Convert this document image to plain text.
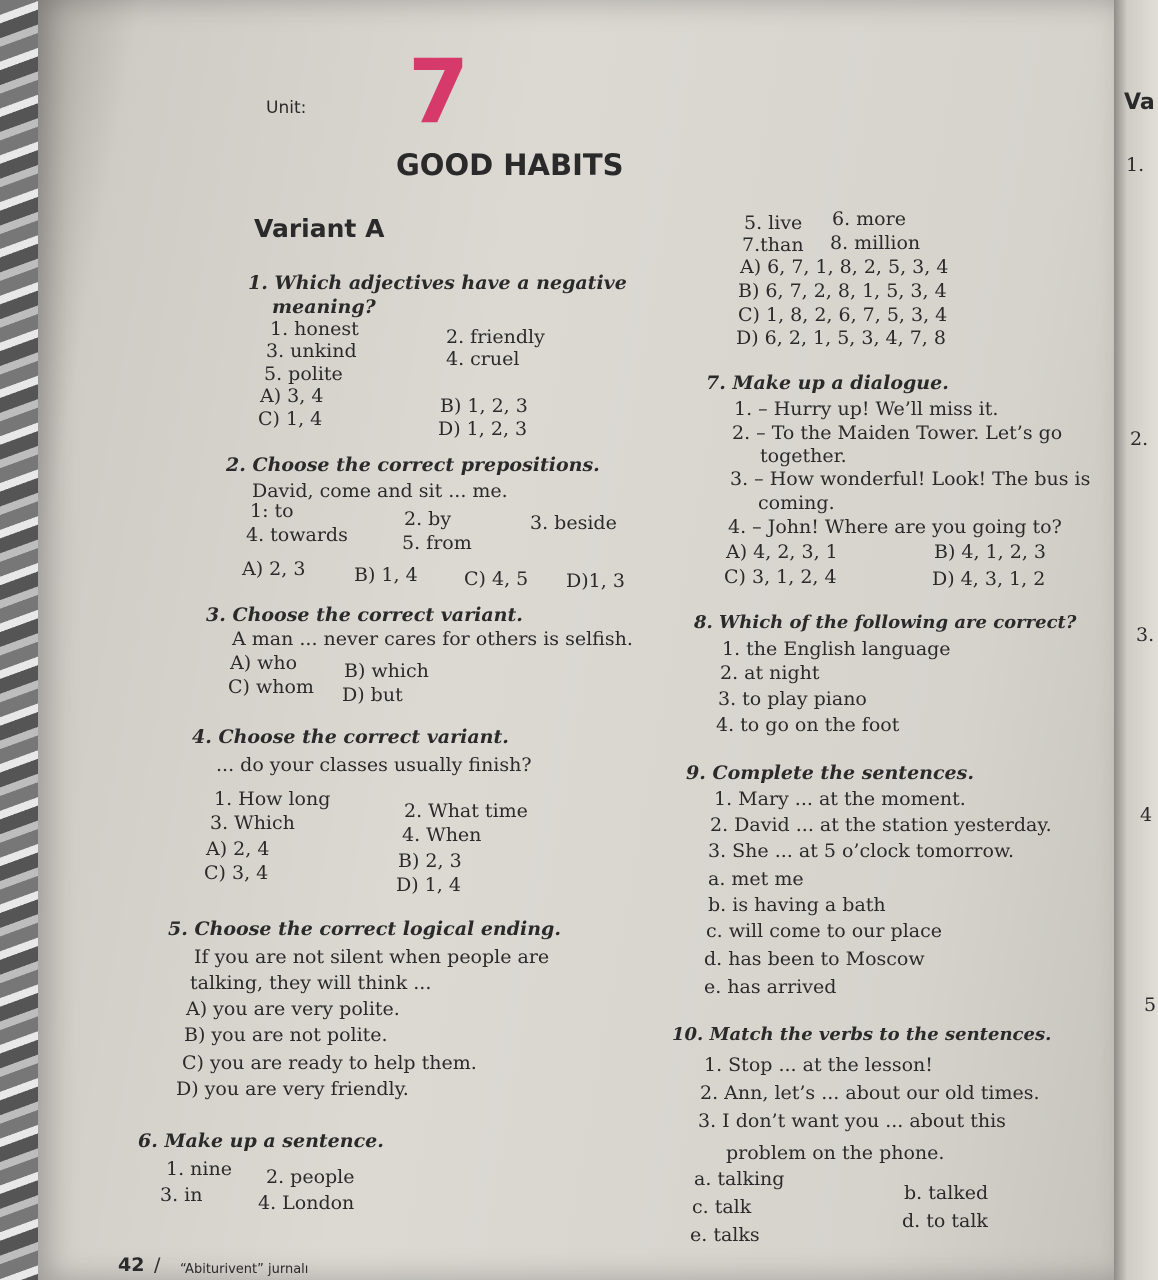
Unit: 7
GOOD HABITS
Variant A
Va
1.
2.
3.
4
5
1. Which adjectives have a negative
meaning?
1. honest	2. friendly
3. unkind	4. cruel
5. polite
A) 3, 4	B) 1, 2, 3
C) 1, 4	D) 1, 2, 3
2. Choose the correct prepositions.
David, come and sit ... me.
1: to	2. by	3. beside
4. towards	5. from
A) 2, 3	B) 1, 4 C) 4, 5 D)1, 3
3. Choose the correct variant.
A man ... never cares for others is selfish.
A) who B) which
C) whom D) but
4. Choose the correct variant.
... do your classes usually finish?
1. How long
2. What time
3. Which
4. When
A) 2, 4
B) 2, 3
C) 3, 4
D) 1, 4
5. Choose the correct logical ending.
If you are not silent when people are
talking, they will think ...
A) you are very polite.
B) you are not polite.
C) you are ready to help them.
D) you are very friendly.
6. Make up a sentence.
1. nine 2. people
3. in	4. London
5. live 6. more
7.than 8. million
A) 6, 7, 1, 8, 2, 5, 3, 4
B) 6, 7, 2, 8, 1, 5, 3, 4
C) 1, 8, 2, 6, 7, 5, 3, 4
D) 6, 2, 1, 5, 3, 4, 7, 8
7. Make up a dialogue.
1. – Hurry up! We’ll miss it.
2. – To the Maiden Tower. Let’s go
together.
3. – How wonderful! Look! The bus is
coming.
4. – John! Where are you going to?
A) 4, 2, 3, 1	B) 4, 1, 2, 3
C) 3, 1, 2, 4	D) 4, 3, 1, 2
8. Which of the following are correct?
1. the English language
2. at night
3. to play piano
4. to go on the foot
9. Complete the sentences.
1. Mary ... at the moment.
2. David ... at the station yesterday.
3. She ... at 5 o’clock tomorrow.
a. met me
b. is having a bath
c. will come to our place
d. has been to Moscow
e. has arrived
10. Match the verbs to the sentences.
1. Stop ... at the lesson!
2. Ann, let’s ... about our old times.
3. I don’t want you ... about this
problem on the phone.
a. talking
b. talked
c. talk
d. to talk
e. talks
42 / “Abiturivent” jurnalı
